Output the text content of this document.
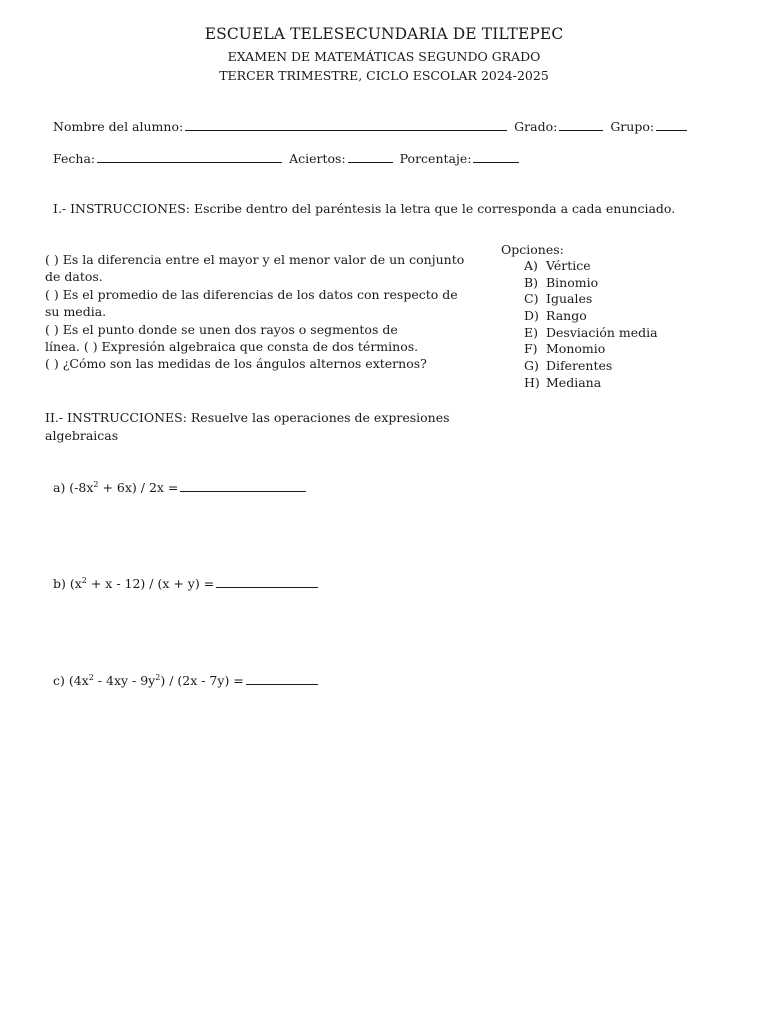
ESCUELA TELESECUNDARIA DE TILTEPEC
EXAMEN DE MATEMÁTICAS SEGUNDO GRADO
TERCER TRIMESTRE, CICLO ESCOLAR 2024-2025
Nombre del alumno:	Grado:	Grupo:
Fecha:	Aciertos:	Porcentaje:
I.- INSTRUCCIONES: Escribe dentro del paréntesis la letra que le corresponda a cada enunciado.
( ) Es la diferencia entre el mayor y el menor valor de un conjunto
de datos.
( ) Es el promedio de las diferencias de los datos con respecto de
su media.
( ) Es el punto donde se unen dos rayos o segmentos de
línea. ( ) Expresión algebraica que consta de dos términos.
( ) ¿Cómo son las medidas de los ángulos alternos externos?
Opciones:
A) Vértice
B) Binomio
C) Iguales
D) Rango
E) Desviación media
F) Monomio
G) Diferentes
H) Mediana
II.- INSTRUCCIONES: Resuelve las operaciones de expresiones
algebraicas
a) $(-8x^2 + 6x) / 2x$ =
b) $(x^2 + x - 12) / (x + y)$ =
c) $(4x^2 - 4xy - 9y^2) / (2x - 7y)$ =
